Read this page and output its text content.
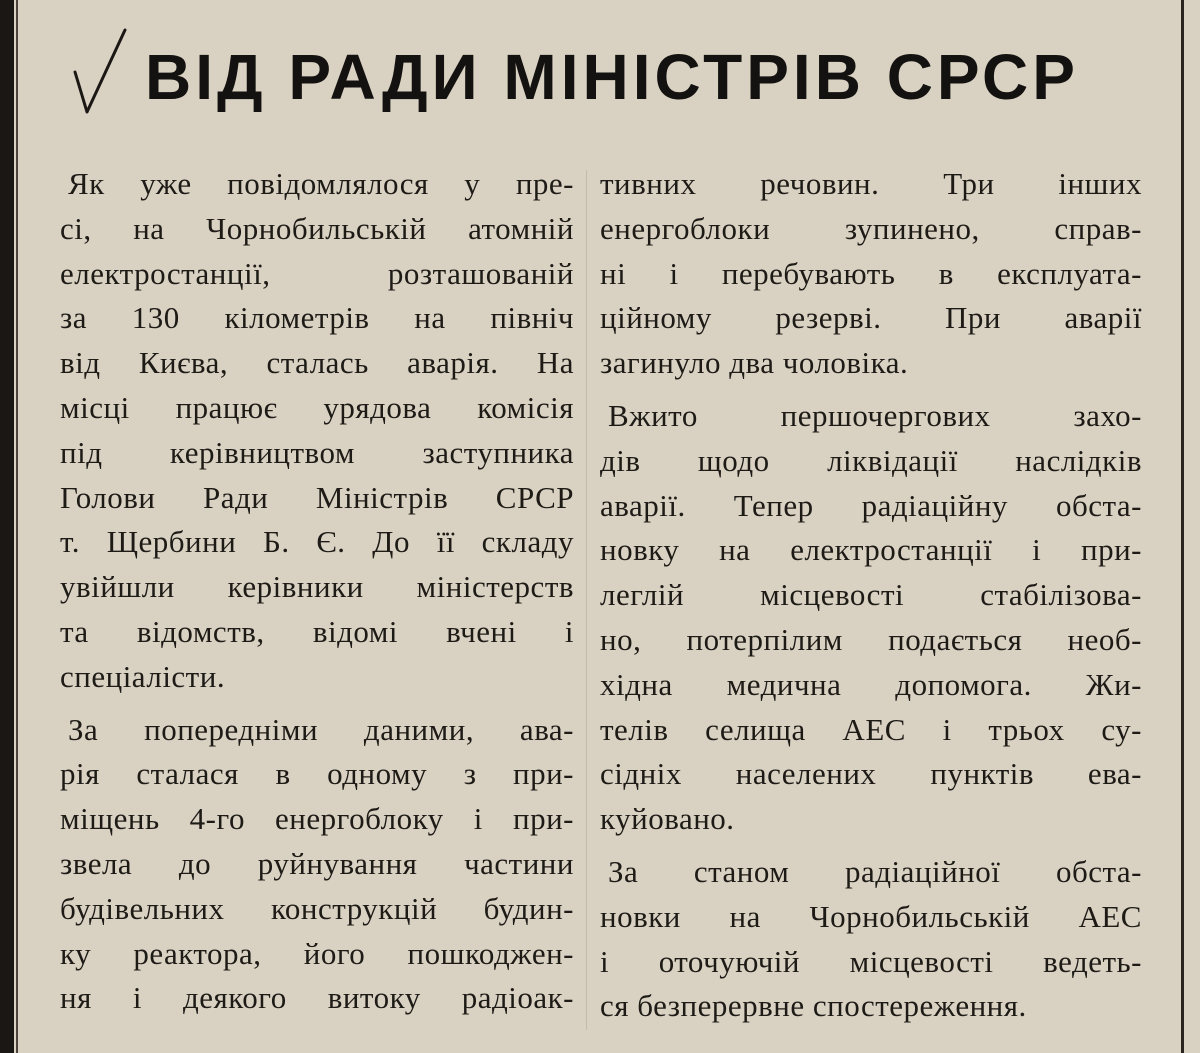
ВІД РАДИ МІНІСТРІВ СРСР
Як уже повідомлялося у пре-
сі, на Чорнобильській атомній
електростанції, розташованій
за 130 кілометрів на північ
від Києва, сталась аварія. На
місці працює урядова комісія
під керівництвом заступника
Голови Ради Міністрів СРСР
т. Щербини Б. Є. До її складу
увійшли керівники міністерств
та відомств, відомі вчені і
спеціалісти.
За попередніми даними, ава-
рія сталася в одному з при-
міщень 4-го енергоблоку і при-
звела до руйнування частини
будівельних конструкцій будин-
ку реактора, його пошкоджен-
ня і деякого витоку радіоак-
тивних речовин. Три інших
енергоблоки зупинено, справ-
ні і перебувають в експлуата-
ційному резерві. При аварії
загинуло два чоловіка.
Вжито першочергових захо-
дів щодо ліквідації наслідків
аварії. Тепер радіаційну обста-
новку на електростанції і при-
леглій місцевості стабілізова-
но, потерпілим подається необ-
хідна медична допомога. Жи-
телів селища АЕС і трьох су-
сідніх населених пунктів ева-
куйовано.
За станом радіаційної обста-
новки на Чорнобильській АЕС
і оточуючій місцевості ведеть-
ся безперервне спостереження.
